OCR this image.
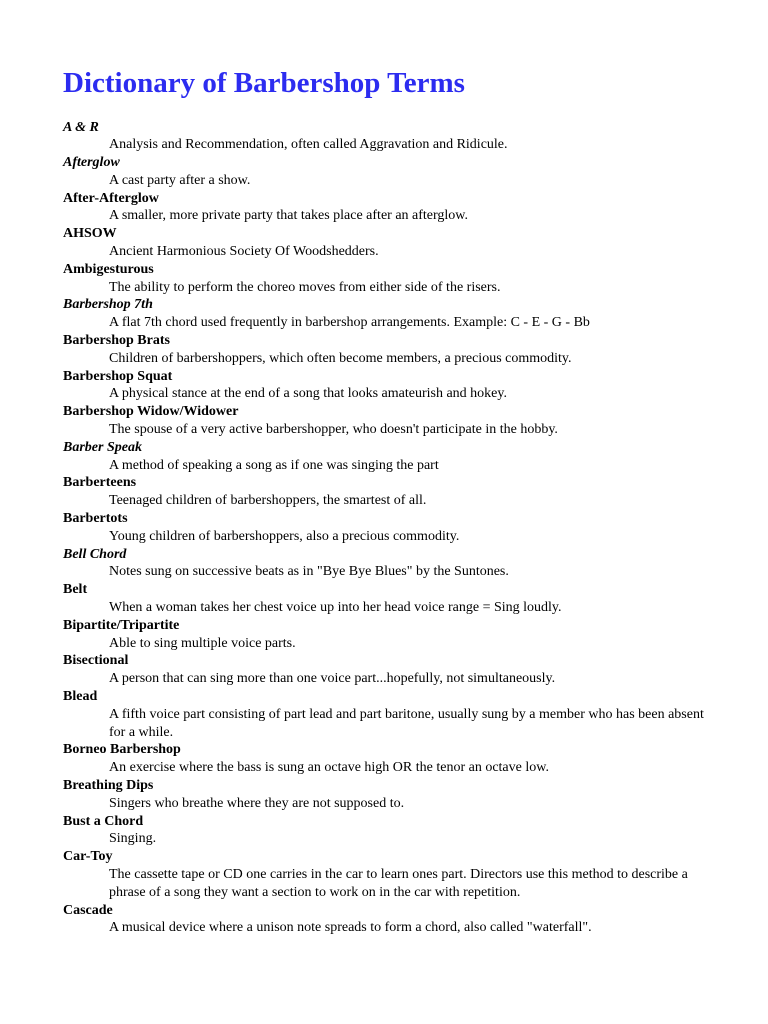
Dictionary of Barbershop Terms
A & R
Analysis and Recommendation, often called Aggravation and Ridicule.
Afterglow
A cast party after a show.
After-Afterglow
A smaller, more private party that takes place after an afterglow.
AHSOW
Ancient Harmonious Society Of Woodshedders.
Ambigesturous
The ability to perform the choreo moves from either side of the risers.
Barbershop 7th
A flat 7th chord used frequently in barbershop arrangements. Example: C - E - G - Bb
Barbershop Brats
Children of barbershoppers, which often become members, a precious commodity.
Barbershop Squat
A physical stance at the end of a song that looks amateurish and hokey.
Barbershop Widow/Widower
The spouse of a very active barbershopper, who doesn't participate in the hobby.
Barber Speak
A method of speaking a song as if one was singing the part
Barberteens
Teenaged children of barbershoppers, the smartest of all.
Barbertots
Young children of barbershoppers, also a precious commodity.
Bell Chord
Notes sung on successive beats as in "Bye Bye Blues" by the Suntones.
Belt
When a woman takes her chest voice up into her head voice range = Sing loudly.
Bipartite/Tripartite
Able to sing multiple voice parts.
Bisectional
A person that can sing more than one voice part...hopefully, not simultaneously.
Blead
A fifth voice part consisting of part lead and part baritone, usually sung by a member who has been absent for a while.
Borneo Barbershop
An exercise where the bass is sung an octave high OR the tenor an octave low.
Breathing Dips
Singers who breathe where they are not supposed to.
Bust a Chord
Singing.
Car-Toy
The cassette tape or CD one carries in the car to learn ones part. Directors use this method to describe a phrase of a song they want a section to work on in the car with repetition.
Cascade
A musical device where a unison note spreads to form a chord, also called "waterfall".
